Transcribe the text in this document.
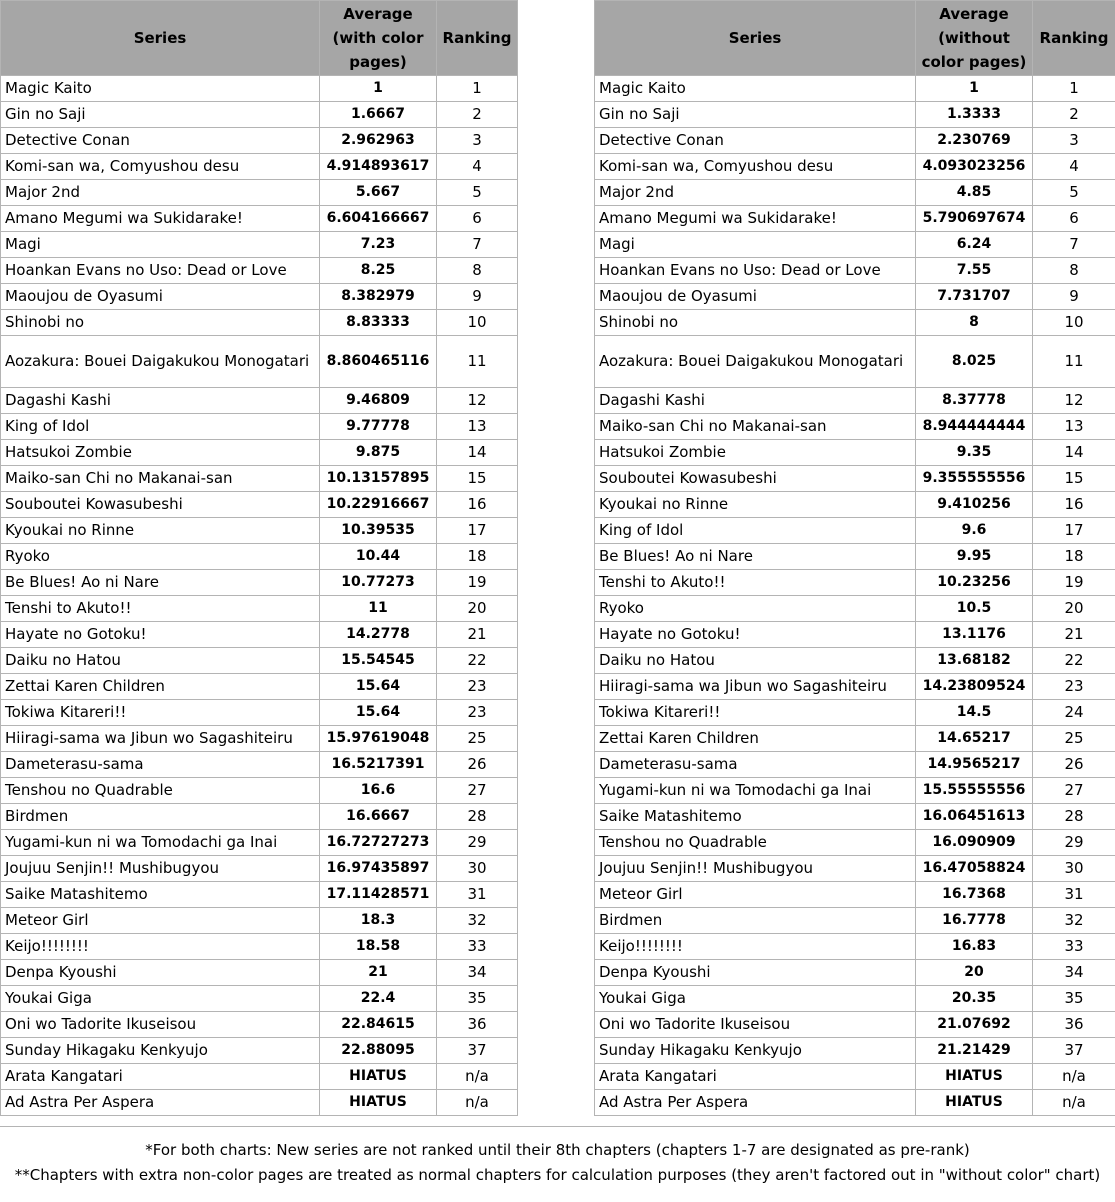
Series	Average (with color pages)	Ranking
Magic Kaito	1	1
Gin no Saji	1.6667	2
Detective Conan	2.962963	3
Komi-san wa, Comyushou desu	4.914893617	4
Major 2nd	5.667	5
Amano Megumi wa Sukidarake!	6.604166667	6
Magi	7.23	7
Hoankan Evans no Uso: Dead or Love	8.25	8
Maoujou de Oyasumi	8.382979	9
Shinobi no	8.83333	10
Aozakura: Bouei Daigakukou Monogatari	8.860465116	11
Dagashi Kashi	9.46809	12
King of Idol	9.77778	13
Hatsukoi Zombie	9.875	14
Maiko-san Chi no Makanai-san	10.13157895	15
Souboutei Kowasubeshi	10.22916667	16
Kyoukai no Rinne	10.39535	17
Ryoko	10.44	18
Be Blues! Ao ni Nare	10.77273	19
Tenshi to Akuto!!	11	20
Hayate no Gotoku!	14.2778	21
Daiku no Hatou	15.54545	22
Zettai Karen Children	15.64	23
Tokiwa Kitareri!!	15.64	23
Hiiragi-sama wa Jibun wo Sagashiteiru	15.97619048	25
Dameterasu-sama	16.5217391	26
Tenshou no Quadrable	16.6	27
Birdmen	16.6667	28
Yugami-kun ni wa Tomodachi ga Inai	16.72727273	29
Joujuu Senjin!! Mushibugyou	16.97435897	30
Saike Matashitemo	17.11428571	31
Meteor Girl	18.3	32
Keijo!!!!!!!!	18.58	33
Denpa Kyoushi	21	34
Youkai Giga	22.4	35
Oni wo Tadorite Ikuseisou	22.84615	36
Sunday Hikagaku Kenkyujo	22.88095	37
Arata Kangatari	HIATUS	n/a
Ad Astra Per Aspera	HIATUS	n/a
Series	Average (without color pages)	Ranking
Magic Kaito	1	1
Gin no Saji	1.3333	2
Detective Conan	2.230769	3
Komi-san wa, Comyushou desu	4.093023256	4
Major 2nd	4.85	5
Amano Megumi wa Sukidarake!	5.790697674	6
Magi	6.24	7
Hoankan Evans no Uso: Dead or Love	7.55	8
Maoujou de Oyasumi	7.731707	9
Shinobi no	8	10
Aozakura: Bouei Daigakukou Monogatari	8.025	11
Dagashi Kashi	8.37778	12
Maiko-san Chi no Makanai-san	8.944444444	13
Hatsukoi Zombie	9.35	14
Souboutei Kowasubeshi	9.355555556	15
Kyoukai no Rinne	9.410256	16
King of Idol	9.6	17
Be Blues! Ao ni Nare	9.95	18
Tenshi to Akuto!!	10.23256	19
Ryoko	10.5	20
Hayate no Gotoku!	13.1176	21
Daiku no Hatou	13.68182	22
Hiiragi-sama wa Jibun wo Sagashiteiru	14.23809524	23
Tokiwa Kitareri!!	14.5	24
Zettai Karen Children	14.65217	25
Dameterasu-sama	14.9565217	26
Yugami-kun ni wa Tomodachi ga Inai	15.55555556	27
Saike Matashitemo	16.06451613	28
Tenshou no Quadrable	16.090909	29
Joujuu Senjin!! Mushibugyou	16.47058824	30
Meteor Girl	16.7368	31
Birdmen	16.7778	32
Keijo!!!!!!!!	16.83	33
Denpa Kyoushi	20	34
Youkai Giga	20.35	35
Oni wo Tadorite Ikuseisou	21.07692	36
Sunday Hikagaku Kenkyujo	21.21429	37
Arata Kangatari	HIATUS	n/a
Ad Astra Per Aspera	HIATUS	n/a
*For both charts: New series are not ranked until their 8th chapters (chapters 1-7 are designated as pre-rank)
**Chapters with extra non-color pages are treated as normal chapters for calculation purposes (they aren't factored out in "without color" chart)
